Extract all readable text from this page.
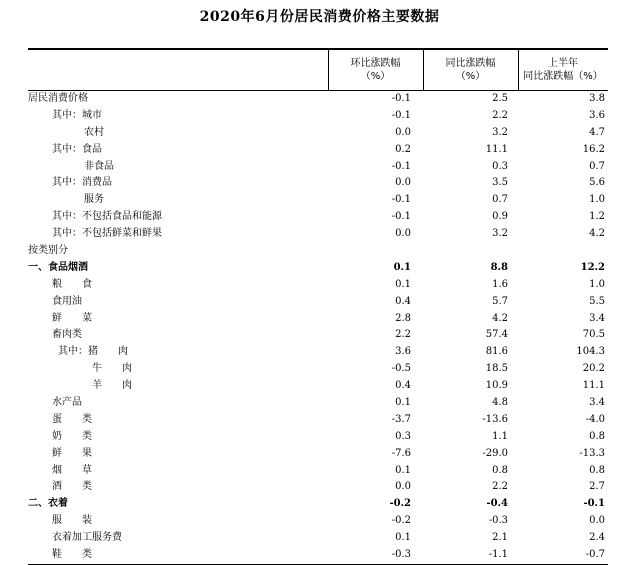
2020年6月份居民消费价格主要数据
环比涨跌幅
（%）
同比涨跌幅
（%）
上半年
同比涨跌幅（%）
居民消费价格	-0.1	2.5	3.8
其中：城市	-0.1	2.2	3.6
农村	0.0	3.2	4.7
其中：食品	0.2	11.1	16.2
非食品	-0.1	0.3	0.7
其中：消费品	0.0	3.5	5.6
服务	-0.1	0.7	1.0
其中：不包括食品和能源	-0.1	0.9	1.2
其中：不包括鲜菜和鲜果	0.0	3.2	4.2
按类别分
一、食品烟酒	0.1	8.8	12.2
粮　　食	0.1	1.6	1.0
食用油	0.4	5.7	5.5
鲜　　菜	2.8	4.2	3.4
畜肉类	2.2	57.4	70.5
其中：猪　　肉	3.6	81.6	104.3
牛　　肉	-0.5	18.5	20.2
羊　　肉	0.4	10.9	11.1
水产品	0.1	4.8	3.4
蛋　　类	-3.7	-13.6	-4.0
奶　　类	0.3	1.1	0.8
鲜　　果	-7.6	-29.0	-13.3
烟　　草	0.1	0.8	0.8
酒　　类	0.0	2.2	2.7
二、衣着	-0.2	-0.4	-0.1
服　　装	-0.2	-0.3	0.0
衣着加工服务费	0.1	2.1	2.4
鞋　　类	-0.3	-1.1	-0.7
